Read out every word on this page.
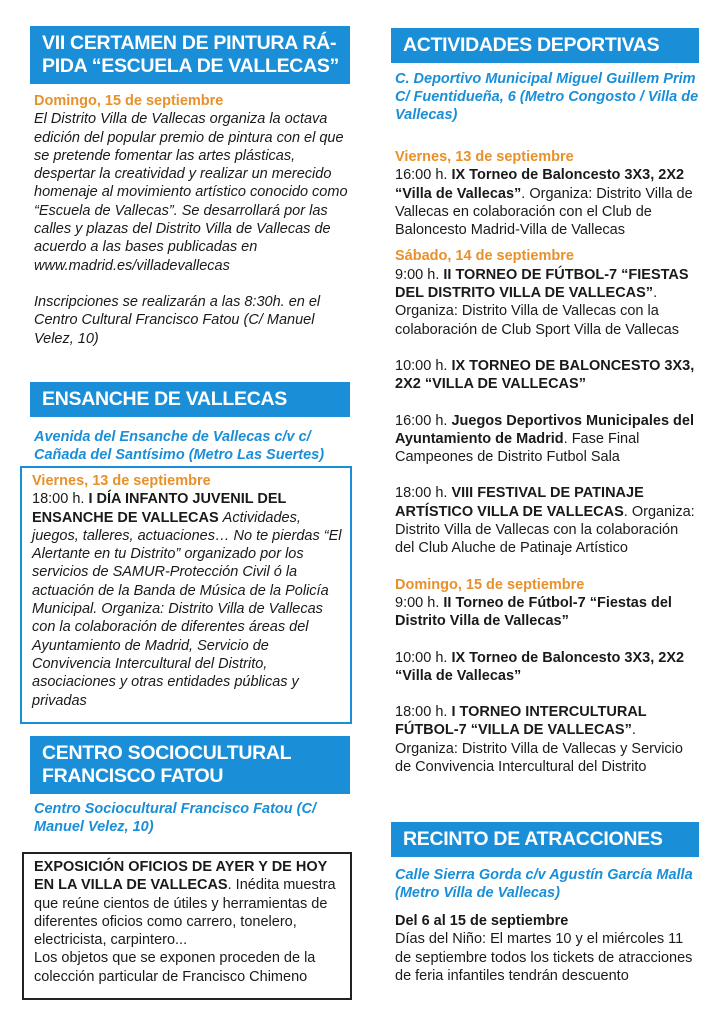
VII CERTAMEN DE PINTURA RÁ-
PIDA “ESCUELA DE VALLECAS”
Domingo, 15 de septiembre

El Distrito Villa de Vallecas organiza la octava edición del popular premio de pintura con el que se pretende fomentar las artes plásticas, despertar la creatividad y realizar un merecido homenaje al movimiento artístico conocido como “Escuela de Vallecas”. Se desarrollará por las calles y plazas del Distrito Villa de Vallecas de acuerdo a las bases publicadas en www.madrid.es/villadevallecas

Inscripciones se realizarán a las 8:30h. en el Centro Cultural Francisco Fatou (C/ Manuel Velez, 10)

ENSANCHE DE VALLECAS
Avenida del Ensanche de Vallecas c/v c/ Cañada del Santísimo (Metro Las Suertes)
Viernes, 13 de septiembre

18:00 h. I DÍA INFANTO JUVENIL DEL ENSANCHE DE VALLECAS Actividades, juegos, talleres, actuaciones… No te pierdas “El Alertante en tu Distrito” organizado por los servicios de SAMUR-Protección Civil ó la actuación de la Banda de Música de la Policía Municipal. Organiza: Distrito Villa de Vallecas con la colaboración de diferentes áreas del Ayuntamiento de Madrid, Servicio de Convivencia Intercultural del Distrito, asociaciones y otras entidades públicas y privadas

CENTRO SOCIOCULTURAL
FRANCISCO FATOU
Centro Sociocultural Francisco Fatou (C/ Manuel Velez, 10)

EXPOSICIÓN OFICIOS DE AYER Y DE HOY EN LA VILLA DE VALLECAS. Inédita muestra que reúne cientos de útiles y herramientas de diferentes oficios como carrero, tonelero, electricista, carpintero...

Los objetos que se exponen proceden de la colección particular de Francisco Chimeno

ACTIVIDADES DEPORTIVAS
C. Deportivo Municipal Miguel Guillem Prim C/ Fuentidueña, 6 (Metro Congosto / Villa de Vallecas)
Viernes, 13 de septiembre

16:00 h. IX Torneo de Baloncesto 3X3, 2X2 “Villa de Vallecas”. Organiza: Distrito Villa de Vallecas en colaboración con el Club de Baloncesto Madrid-Villa de Vallecas

Sábado, 14 de septiembre

9:00 h. II TORNEO DE FÚTBOL-7 “FIESTAS DEL DISTRITO VILLA DE VALLECAS”. Organiza: Distrito Villa de Vallecas con la colaboración de Club Sport Villa de Vallecas

10:00 h. IX TORNEO DE BALONCESTO 3X3, 2X2 “VILLA DE VALLECAS”

16:00 h. Juegos Deportivos Municipales del Ayuntamiento de Madrid. Fase Final Campeones de Distrito Futbol Sala

18:00 h. VIII FESTIVAL DE PATINAJE ARTÍSTICO VILLA DE VALLECAS. Organiza: Distrito Villa de Vallecas con la colaboración del Club Aluche de Patinaje Artístico

Domingo, 15 de septiembre

9:00 h. II Torneo de Fútbol-7 “Fiestas del Distrito Villa de Vallecas”

10:00 h. IX Torneo de Baloncesto 3X3, 2X2 “Villa de Vallecas”

18:00 h. I TORNEO INTERCULTURAL FÚTBOL-7 “VILLA DE VALLECAS”. Organiza: Distrito Villa de Vallecas y Servicio de Convivencia Intercultural del Distrito

RECINTO DE ATRACCIONES
Calle Sierra Gorda c/v Agustín García Malla (Metro Villa de Vallecas)

Del 6 al 15 de septiembre

Días del Niño: El martes 10 y el miércoles 11 de septiembre todos los tickets de atracciones de feria infantiles tendrán descuento
